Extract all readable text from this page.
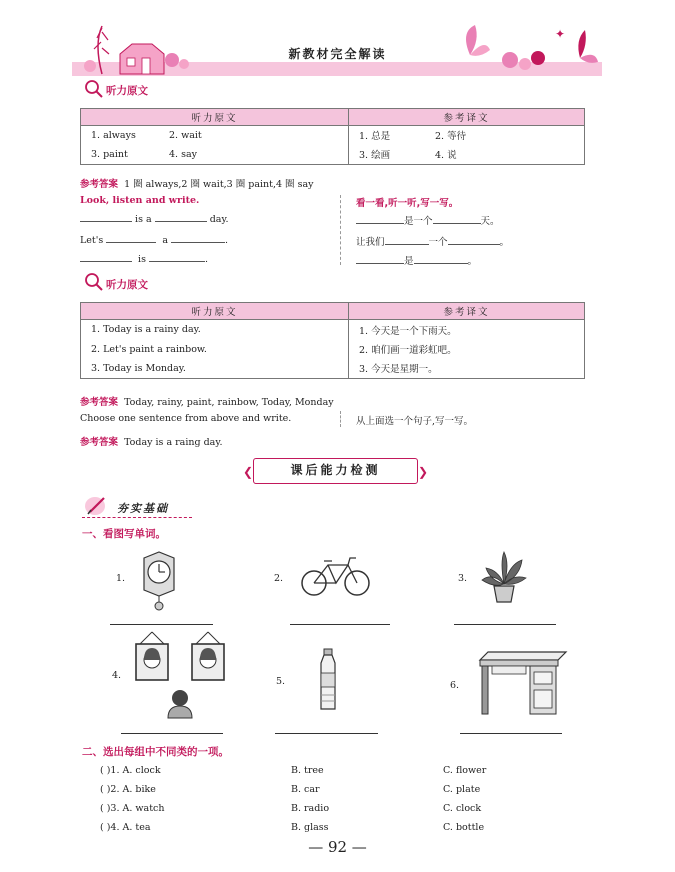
✦
新教材完全解读
听力原文
听力原文	参考译文
1. always 2. wait	1. 总是 2. 等待
3. paint 4. say	3. 绘画 4. 说
参考答案 1 圈 always,2 圈 wait,3 圈 paint,4 圈 say
Look, listen and write.	看一看,听一听,写一写。
is a	day.
Let's	a	.
is	.
是一个	天。
让我们	一个	。
是	。
听力原文
听力原文	参考译文
1. Today is a rainy day.	1. 今天是一个下雨天。
2. Let's paint a rainbow.	2. 咱们画一道彩虹吧。
3. Today is Monday.	3. 今天是星期一。
参考答案 Today, rainy, paint, rainbow, Today, Monday
Choose one sentence from above and write.	从上面选一个句子,写一写。
参考答案 Today is a raing day.
课后能力检测
❮	❯
夯实基础
一、看图写单词。
1.	2.	3.
4.
5.	6.
二、选出每组中不同类的一项。
( )1. A. clock	B. tree	C. flower
( )2. A. bike	B. car	C. plate
( )3. A. watch	B. radio	C. clock
( )4. A. tea	B. glass	C. bottle
— 92 —
